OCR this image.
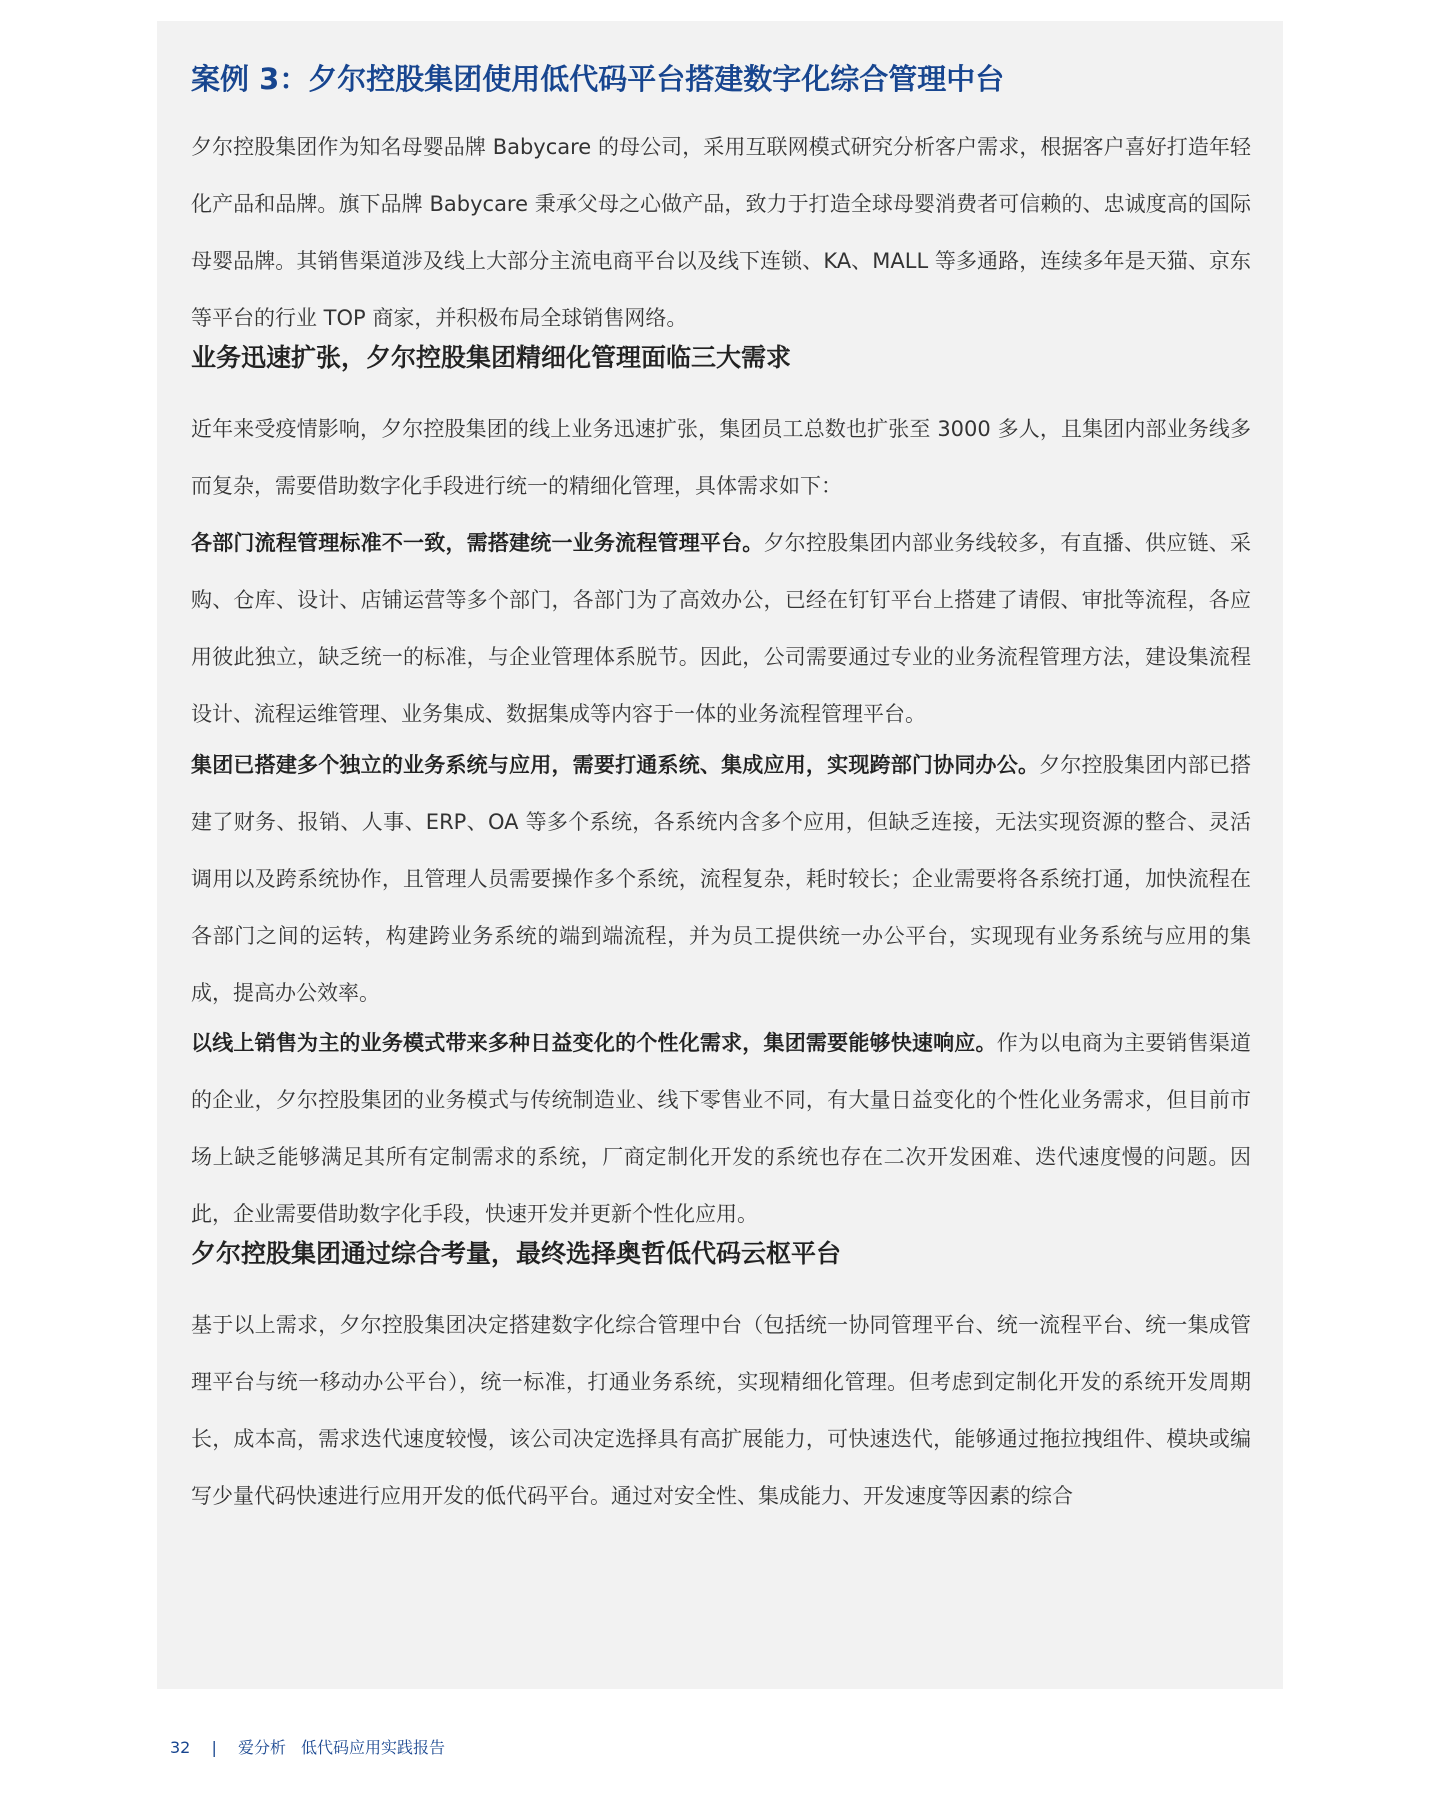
案例 3：夕尔控股集团使用低代码平台搭建数字化综合管理中台

夕尔控股集团作为知名母婴品牌 Babycare 的母公司，采用互联网模式研究分析客户需求，根据客户喜好打造年轻化产品和品牌。旗下品牌 Babycare 秉承父母之心做产品，致力于打造全球母婴消费者可信赖的、忠诚度高的国际母婴品牌。其销售渠道涉及线上大部分主流电商平台以及线下连锁、KA、MALL 等多通路，连续多年是天猫、京东等平台的行业 TOP 商家，并积极布局全球销售网络。

业务迅速扩张，夕尔控股集团精细化管理面临三大需求

近年来受疫情影响，夕尔控股集团的线上业务迅速扩张，集团员工总数也扩张至 3000 多人，且集团内部业务线多而复杂，需要借助数字化手段进行统一的精细化管理，具体需求如下：

各部门流程管理标准不一致，需搭建统一业务流程管理平台。夕尔控股集团内部业务线较多，有直播、供应链、采购、仓库、设计、店铺运营等多个部门，各部门为了高效办公，已经在钉钉平台上搭建了请假、审批等流程，各应用彼此独立，缺乏统一的标准，与企业管理体系脱节。因此，公司需要通过专业的业务流程管理方法，建设集流程设计、流程运维管理、业务集成、数据集成等内容于一体的业务流程管理平台。

集团已搭建多个独立的业务系统与应用，需要打通系统、集成应用，实现跨部门协同办公。夕尔控股集团内部已搭建了财务、报销、人事、ERP、OA 等多个系统，各系统内含多个应用，但缺乏连接，无法实现资源的整合、灵活调用以及跨系统协作，且管理人员需要操作多个系统，流程复杂，耗时较长；企业需要将各系统打通，加快流程在各部门之间的运转，构建跨业务系统的端到端流程，并为员工提供统一办公平台，实现现有业务系统与应用的集成，提高办公效率。

以线上销售为主的业务模式带来多种日益变化的个性化需求，集团需要能够快速响应。作为以电商为主要销售渠道的企业，夕尔控股集团的业务模式与传统制造业、线下零售业不同，有大量日益变化的个性化业务需求，但目前市场上缺乏能够满足其所有定制需求的系统，厂商定制化开发的系统也存在二次开发困难、迭代速度慢的问题。因此，企业需要借助数字化手段，快速开发并更新个性化应用。

夕尔控股集团通过综合考量，最终选择奥哲低代码云枢平台

基于以上需求，夕尔控股集团决定搭建数字化综合管理中台（包括统一协同管理平台、统一流程平台、统一集成管理平台与统一移动办公平台），统一标准，打通业务系统，实现精细化管理。但考虑到定制化开发的系统开发周期长，成本高，需求迭代速度较慢，该公司决定选择具有高扩展能力，可快速迭代，能够通过拖拉拽组件、模块或编写少量代码快速进行应用开发的低代码平台。通过对安全性、集成能力、开发速度等因素的综合

32 | 爱分析 低代码应用实践报告
